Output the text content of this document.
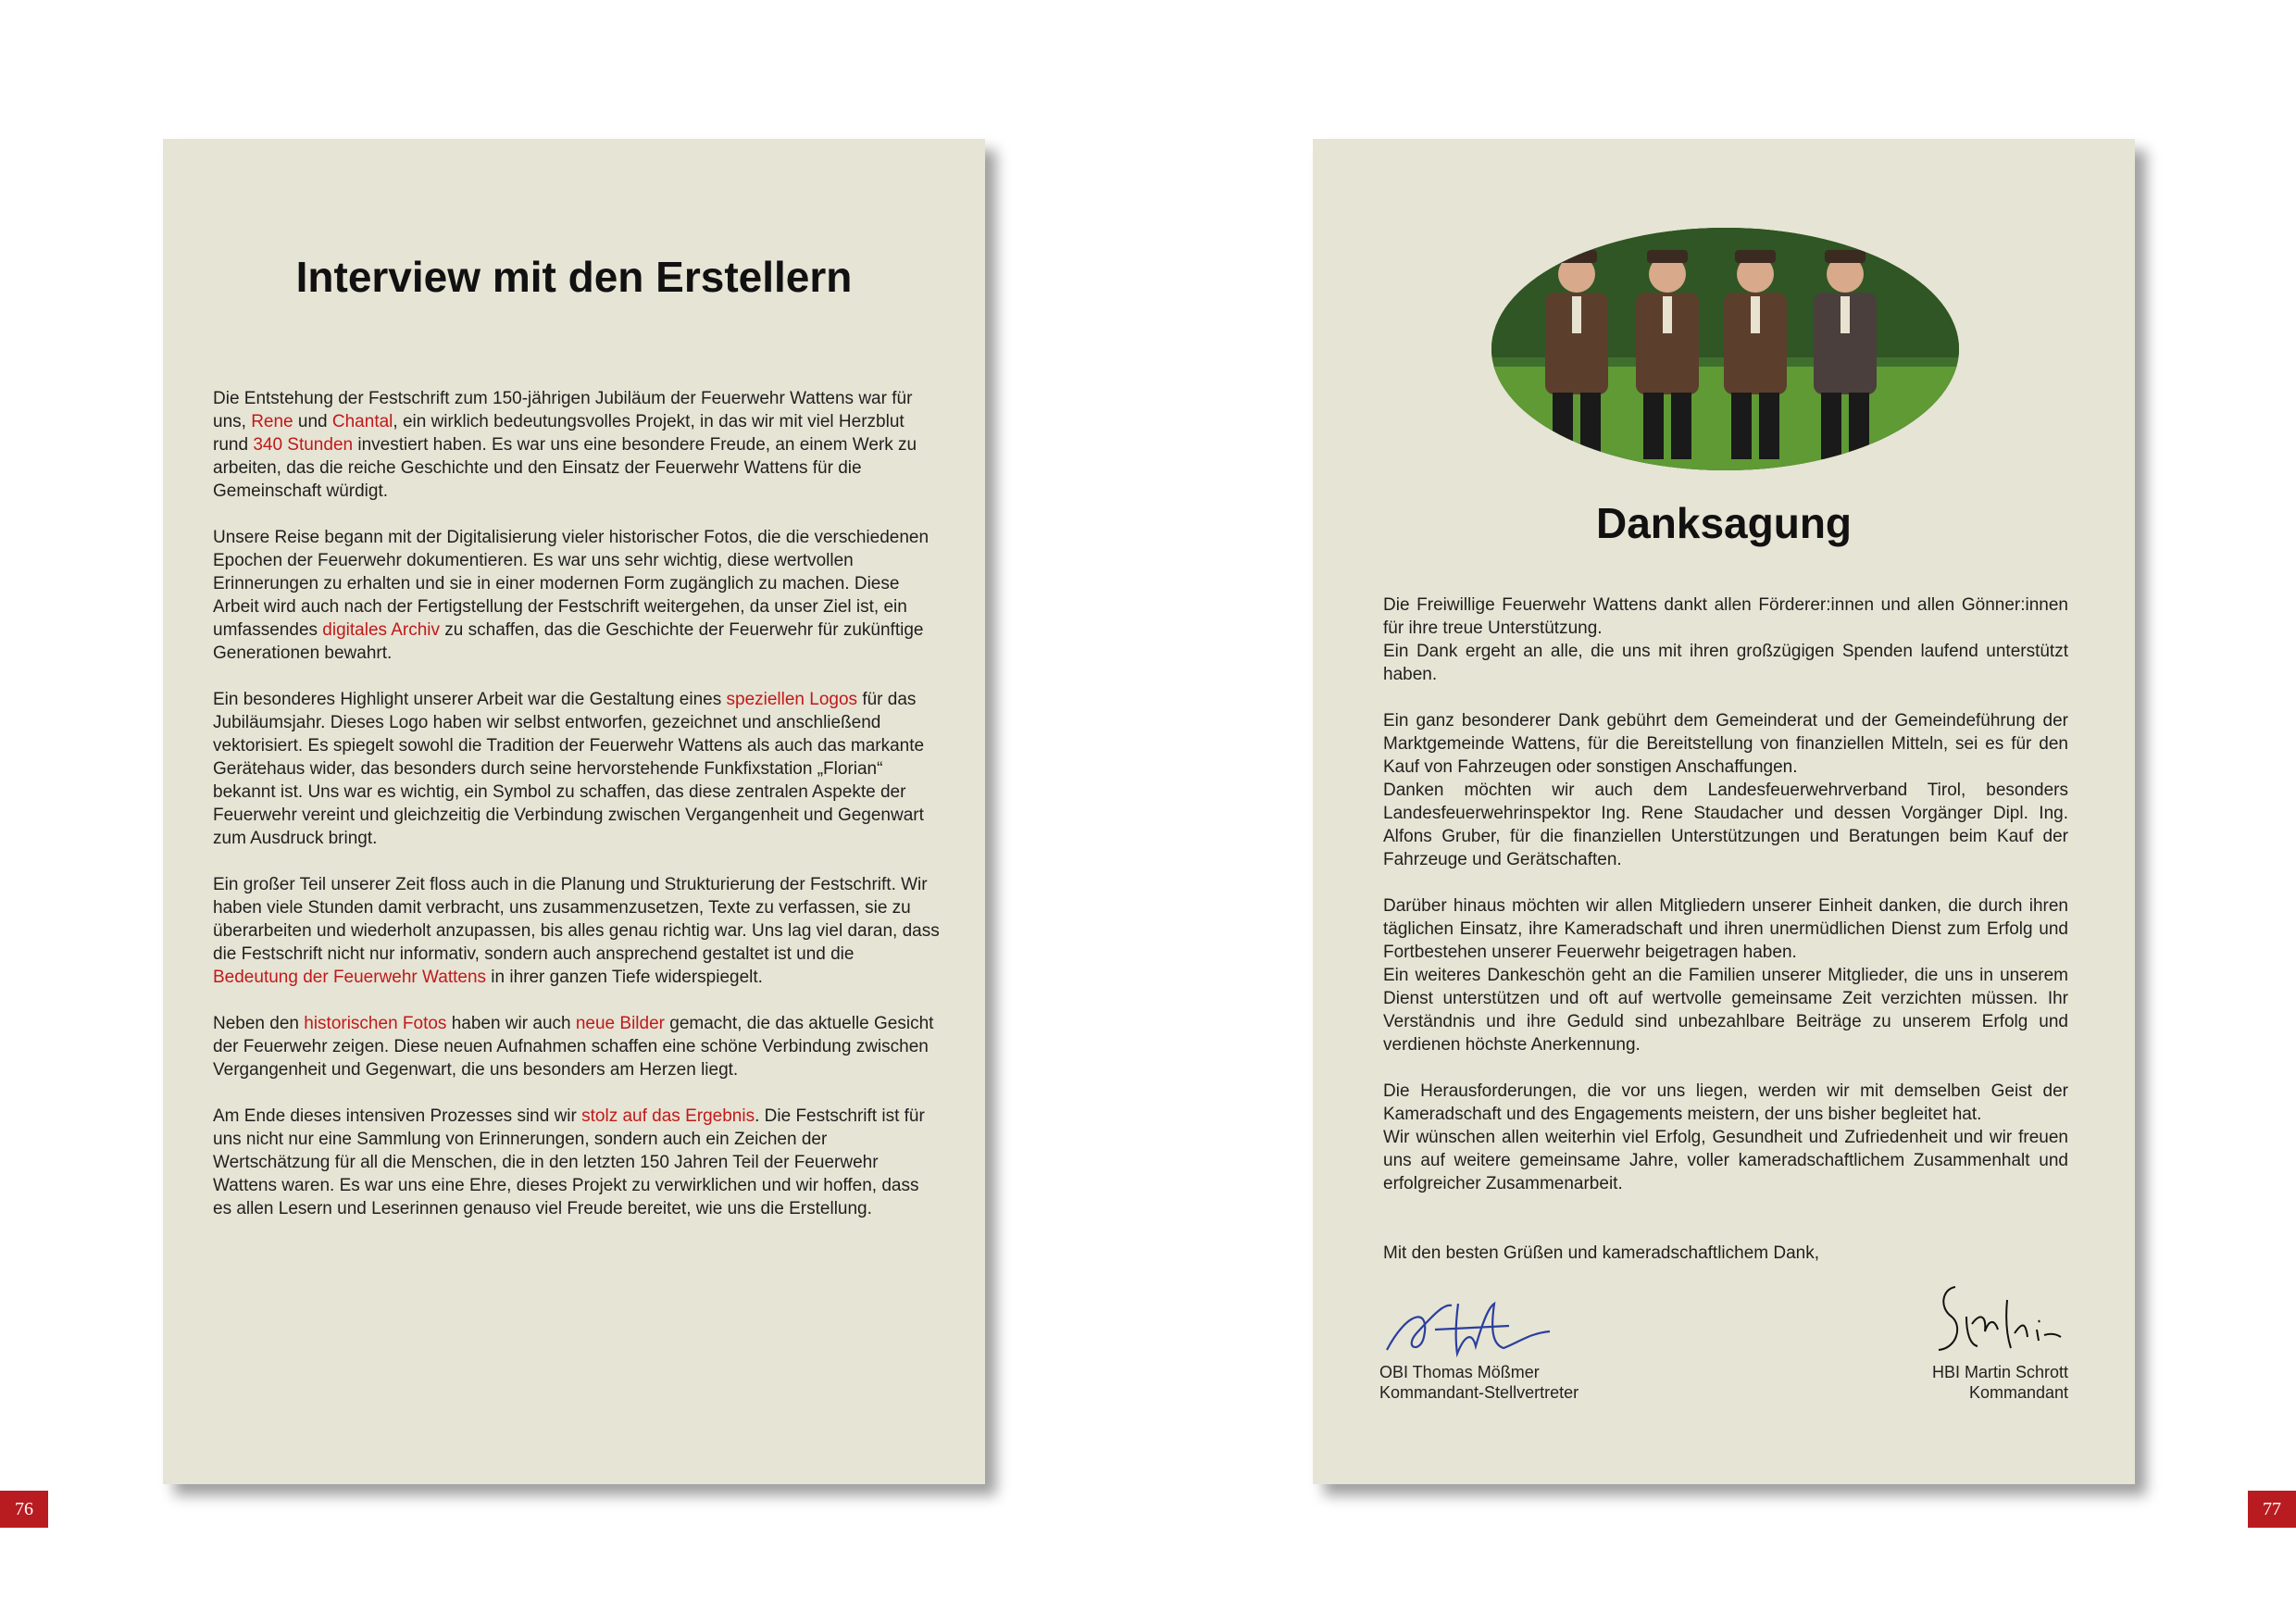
Interview mit den Erstellern

Die Entstehung der Festschrift zum 150-jährigen Jubiläum der Feuerwehr Wattens war für uns, Rene und Chantal, ein wirklich bedeutungsvolles Projekt, in das wir mit viel Herzblut rund 340 Stunden investiert haben. Es war uns eine besondere Freude, an einem Werk zu arbeiten, das die reiche Geschichte und den Einsatz der Feuerwehr Wattens für die Gemeinschaft würdigt.

Unsere Reise begann mit der Digitalisierung vieler historischer Fotos, die die verschiedenen Epochen der Feuerwehr dokumentieren. Es war uns sehr wichtig, diese wertvollen Erinnerungen zu erhalten und sie in einer modernen Form zugänglich zu machen. Diese Arbeit wird auch nach der Fertigstellung der Festschrift weitergehen, da unser Ziel ist, ein umfassendes digitales Archiv zu schaffen, das die Geschichte der Feuerwehr für zukünftige Generationen bewahrt.

Ein besonderes Highlight unserer Arbeit war die Gestaltung eines speziellen Logos für das Jubiläumsjahr. Dieses Logo haben wir selbst entworfen, gezeichnet und anschließend vektorisiert. Es spiegelt sowohl die Tradition der Feuerwehr Wattens als auch das markante Gerätehaus wider, das besonders durch seine hervorstehende Funkfixstation „Florian“ bekannt ist. Uns war es wichtig, ein Symbol zu schaffen, das diese zentralen Aspekte der Feuerwehr vereint und gleichzeitig die Verbindung zwischen Vergangenheit und Gegenwart zum Ausdruck bringt.

Ein großer Teil unserer Zeit floss auch in die Planung und Strukturierung der Festschrift. Wir haben viele Stunden damit verbracht, uns zusammenzusetzen, Texte zu verfassen, sie zu überarbeiten und wiederholt anzupassen, bis alles genau richtig war. Uns lag viel daran, dass die Festschrift nicht nur informativ, sondern auch ansprechend gestaltet ist und die Bedeutung der Feuerwehr Wattens in ihrer ganzen Tiefe widerspiegelt.

Neben den historischen Fotos haben wir auch neue Bilder gemacht, die das aktuelle Gesicht der Feuerwehr zeigen. Diese neuen Aufnahmen schaffen eine schöne Verbindung zwischen Vergangenheit und Gegenwart, die uns besonders am Herzen liegt.

Am Ende dieses intensiven Prozesses sind wir stolz auf das Ergebnis. Die Festschrift ist für uns nicht nur eine Sammlung von Erinnerungen, sondern auch ein Zeichen der Wertschätzung für all die Menschen, die in den letzten 150 Jahren Teil der Feuerwehr Wattens waren. Es war uns eine Ehre, dieses Projekt zu verwirklichen und wir hoffen, dass es allen Lesern und Leserinnen genauso viel Freude bereitet, wie uns die Erstellung.

Danksagung

Die Freiwillige Feuerwehr Wattens dankt allen Förderer:innen und allen Gönner:innen für ihre treue Unterstützung.
Ein Dank ergeht an alle, die uns mit ihren großzügigen Spenden laufend unterstützt haben.

Ein ganz besonderer Dank gebührt dem Gemeinderat und der Gemeindeführung der Marktgemeinde Wattens, für die Bereitstellung von finanziellen Mitteln, sei es für den Kauf von Fahrzeugen oder sonstigen Anschaffungen.
Danken möchten wir auch dem Landesfeuerwehrverband Tirol, besonders Landesfeuerwehrinspektor Ing. Rene Staudacher und dessen Vorgänger Dipl. Ing. Alfons Gruber, für die finanziellen Unterstützungen und Beratungen beim Kauf der Fahrzeuge und Gerätschaften.

Darüber hinaus möchten wir allen Mitgliedern unserer Einheit danken, die durch ihren täglichen Einsatz, ihre Kameradschaft und ihren unermüdlichen Dienst zum Erfolg und Fortbestehen unserer Feuerwehr beigetragen haben.
Ein weiteres Dankeschön geht an die Familien unserer Mitglieder, die uns in unserem Dienst unterstützen und oft auf wertvolle gemeinsame Zeit verzichten müssen. Ihr Verständnis und ihre Geduld sind unbezahlbare Beiträge zu unserem Erfolg und verdienen höchste Anerkennung.

Die Herausforderungen, die vor uns liegen, werden wir mit demselben Geist der Kameradschaft und des Engagements meistern, der uns bisher begleitet hat.
Wir wünschen allen weiterhin viel Erfolg, Gesundheit und Zufriedenheit und wir freuen uns auf weitere gemeinsame Jahre, voller kameradschaftlichem Zusammenhalt und erfolgreicher Zusammenarbeit.

Mit den besten Grüßen und kameradschaftlichem Dank,
OBI Thomas Mößmer
Kommandant-Stellvertreter
HBI Martin Schrott
Kommandant
76	77
